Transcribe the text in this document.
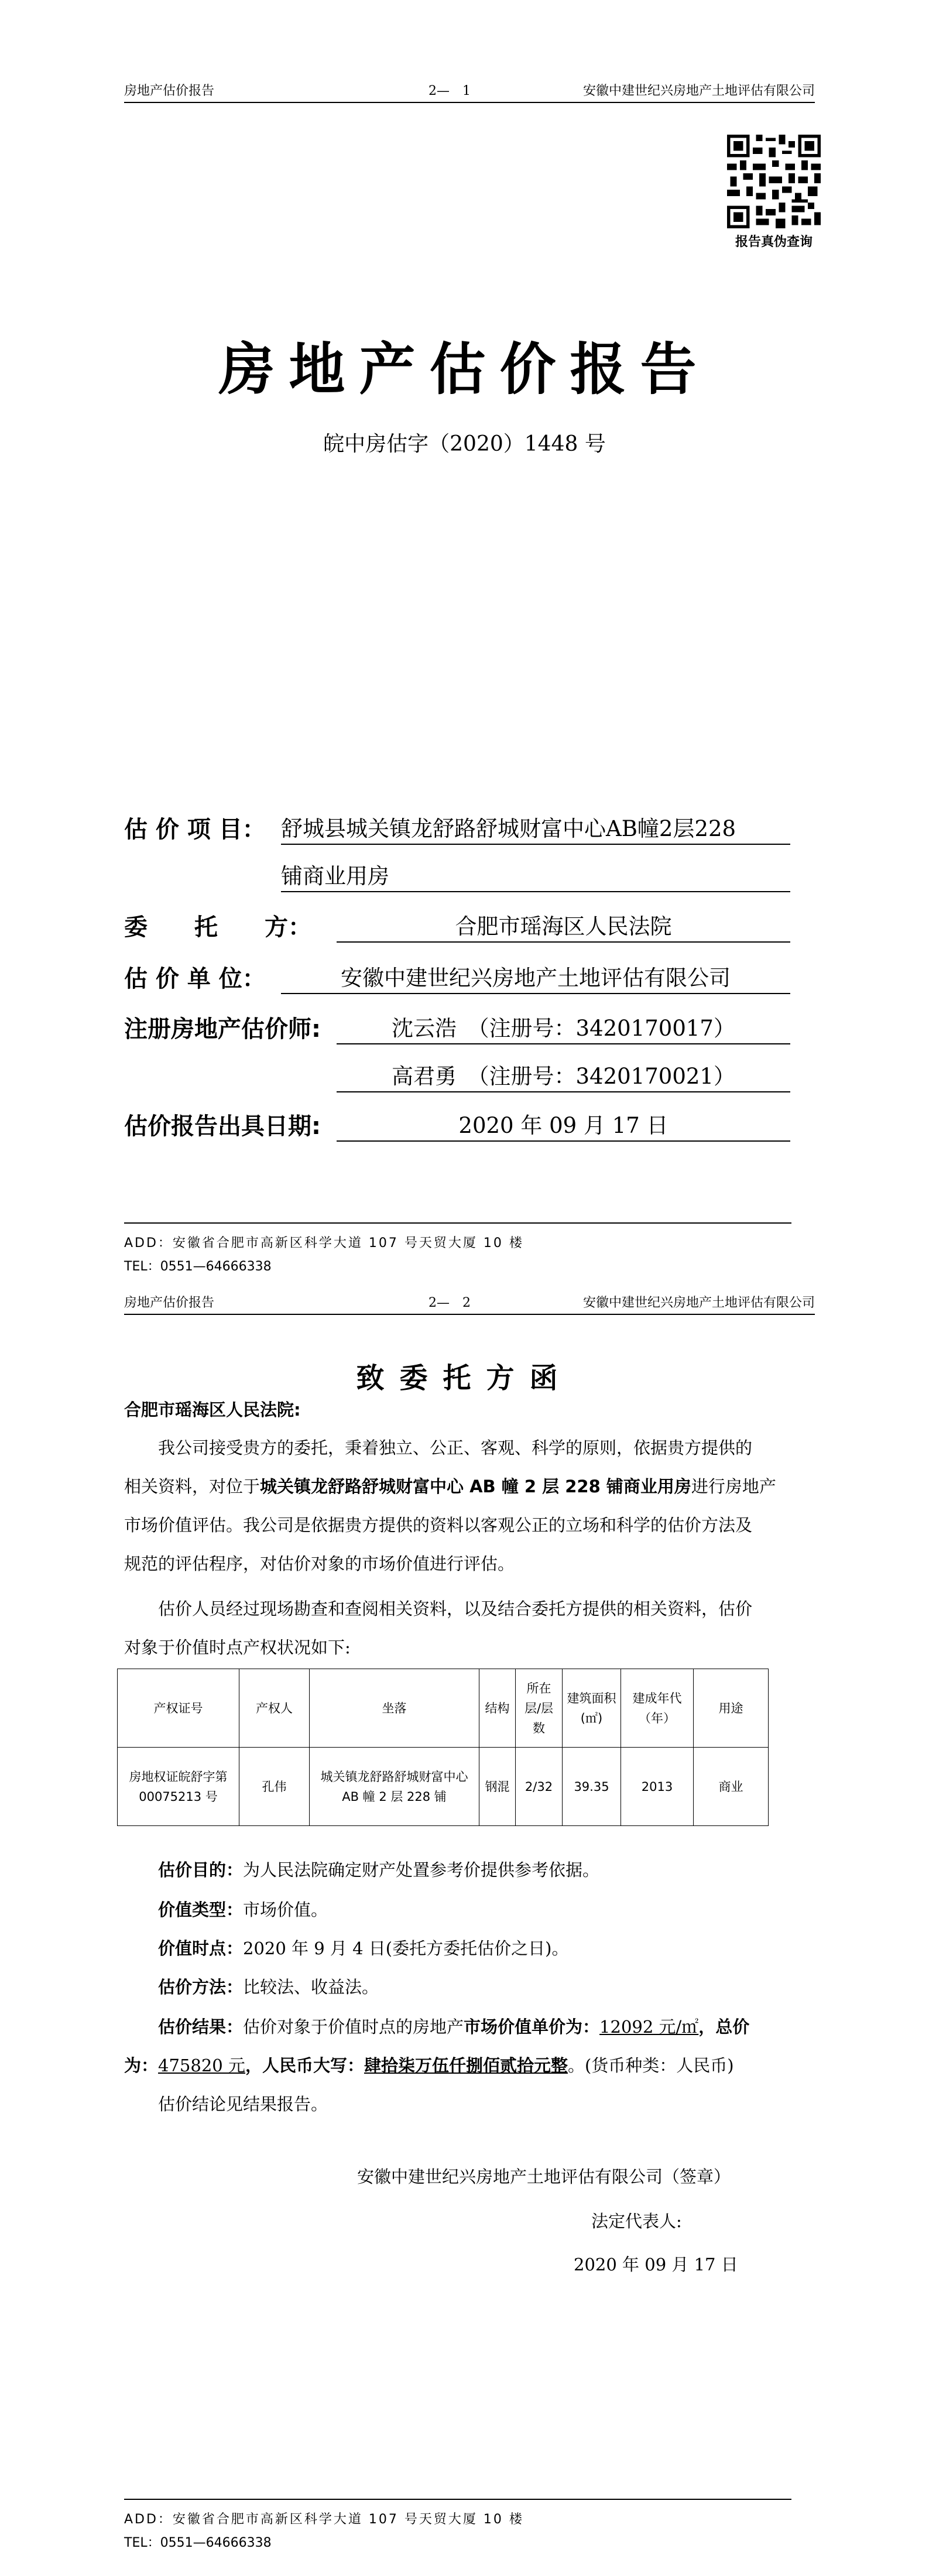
房地产估价报告	2—　1	安徽中建世纪兴房地产土地评估有限公司
报告真伪查询
房地产估价报告
皖中房估字（2020）1448 号
估 价 项 目： 舒城县城关镇龙舒路舒城财富中心AB幢2层228
铺商业用房
委　　托　　方：	合肥市瑶海区人民法院
估 价 单 位：	安徽中建世纪兴房地产土地评估有限公司
注册房地产估价师:	沈云浩　（注册号：3420170017）
高君勇　（注册号：3420170021）
估价报告出具日期:	2020 年 09 月 17 日
ADD：安徽省合肥市高新区科学大道 107 号天贸大厦 10 楼
TEL：0551—64666338
房地产估价报告	2—　2	安徽中建世纪兴房地产土地评估有限公司
致委托方函
合肥市瑶海区人民法院:
我公司接受贵方的委托，秉着独立、公正、客观、科学的原则，依据贵方提供的
相关资料，对位于城关镇龙舒路舒城财富中心 AB 幢 2 层 228 铺商业用房进行房地产
市场价值评估。我公司是依据贵方提供的资料以客观公正的立场和科学的估价方法及
规范的评估程序，对估价对象的市场价值进行评估。
估价人员经过现场勘查和查阅相关资料，以及结合委托方提供的相关资料，估价
对象于价值时点产权状况如下:
产权证号	产权人	坐落	结构	所在层/层数	建筑面积(㎡)	建成年代（年）	用途
房地权证皖舒字第 00075213 号	孔伟	城关镇龙舒路舒城财富中心 AB 幢 2 层 228 铺	钢混	2/32	39.35	2013	商业
估价目的：为人民法院确定财产处置参考价提供参考依据。
价值类型：市场价值。
价值时点：2020 年 9 月 4 日(委托方委托估价之日)。
估价方法：比较法、收益法。
估价结果：估价对象于价值时点的房地产市场价值单价为：12092 元/㎡，总价
为：475820 元，人民币大写：肆拾柒万伍仟捌佰贰拾元整。(货币种类：人民币)
估价结论见结果报告。
安徽中建世纪兴房地产土地评估有限公司（签章）
法定代表人:
2020 年 09 月 17 日
ADD：安徽省合肥市高新区科学大道 107 号天贸大厦 10 楼
TEL：0551—64666338
